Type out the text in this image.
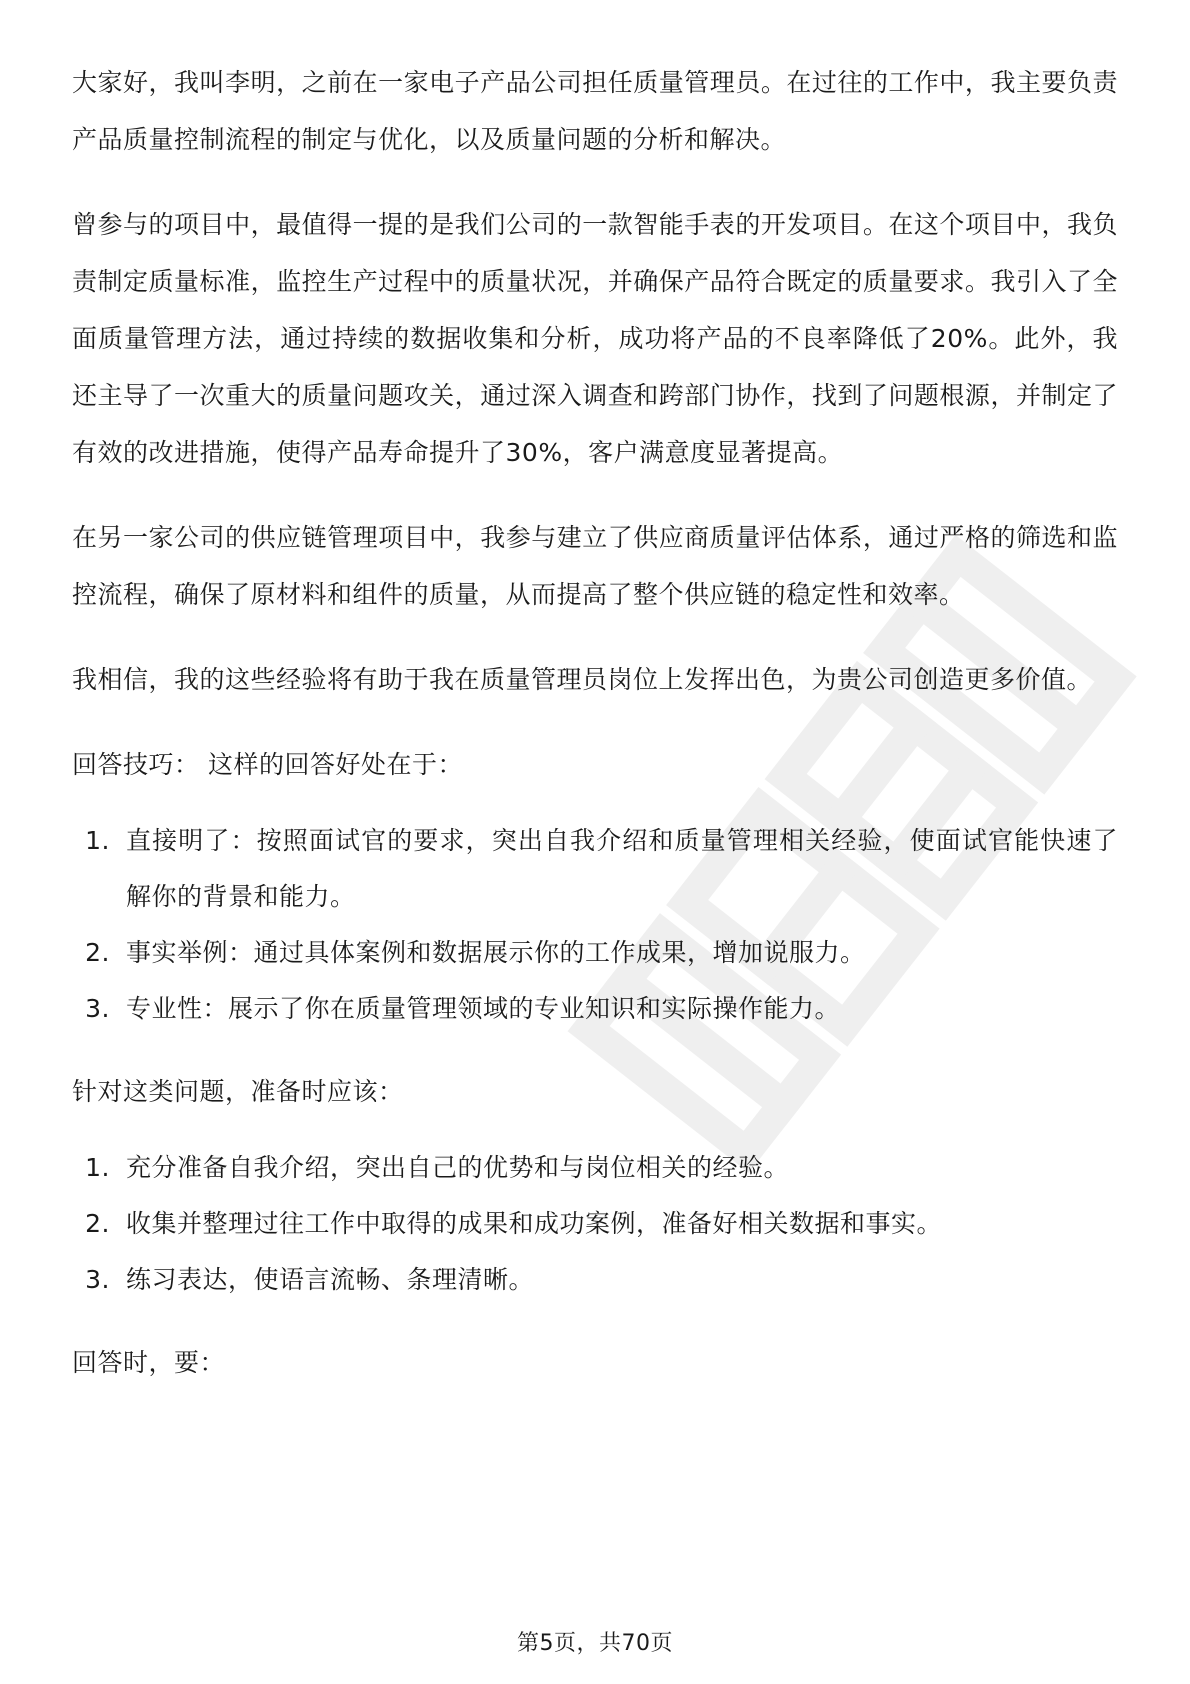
大家好，我叫李明，之前在一家电子产品公司担任质量管理员。在过往的工作中，我主要负责产品质量控制流程的制定与优化，以及质量问题的分析和解决。

曾参与的项目中，最值得一提的是我们公司的一款智能手表的开发项目。在这个项目中，我负责制定质量标准，监控生产过程中的质量状况，并确保产品符合既定的质量要求。我引入了全面质量管理方法，通过持续的数据收集和分析，成功将产品的不良率降低了20%。此外，我还主导了一次重大的质量问题攻关，通过深入调查和跨部门协作，找到了问题根源，并制定了有效的改进措施，使得产品寿命提升了30%，客户满意度显著提高。

在另一家公司的供应链管理项目中，我参与建立了供应商质量评估体系，通过严格的筛选和监控流程，确保了原材料和组件的质量，从而提高了整个供应链的稳定性和效率。

我相信，我的这些经验将有助于我在质量管理员岗位上发挥出色，为贵公司创造更多价值。

回答技巧： 这样的回答好处在于：

1. 直接明了：按照面试官的要求，突出自我介绍和质量管理相关经验，使面试官能快速了解你的背景和能力。
2. 事实举例：通过具体案例和数据展示你的工作成果，增加说服力。
3. 专业性：展示了你在质量管理领域的专业知识和实际操作能力。

针对这类问题，准备时应该：

1. 充分准备自我介绍，突出自己的优势和与岗位相关的经验。
2. 收集并整理过往工作中取得的成果和成功案例，准备好相关数据和事实。
3. 练习表达，使语言流畅、条理清晰。

回答时，要：

第5页，共70页
